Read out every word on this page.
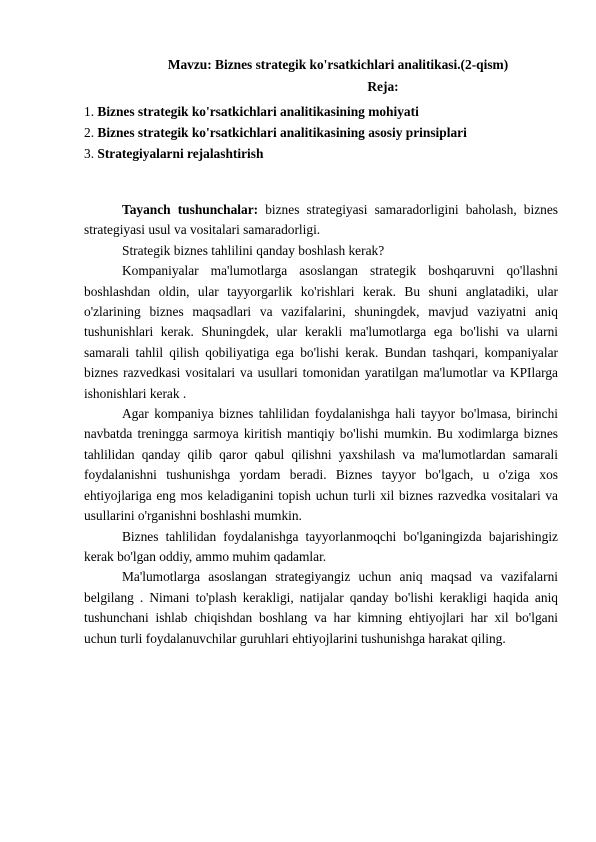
Mavzu: Biznes strategik ko'rsatkichlari analitikasi.(2-qism)
Reja:
1. Biznes strategik ko'rsatkichlari analitikasining mohiyati
2. Biznes strategik ko'rsatkichlari analitikasining asosiy prinsiplari
3. Strategiyalarni rejalashtirish

Tayanch tushunchalar: biznes strategiyasi samaradorligini baholash, biznes strategiyasi usul va vositalari samaradorligi.

Strategik biznes tahlilini qanday boshlash kerak?

Kompaniyalar ma'lumotlarga asoslangan strategik boshqaruvni qo'llashni boshlashdan oldin, ular tayyorgarlik ko'rishlari kerak. Bu shuni anglatadiki, ular o'zlarining biznes maqsadlari va vazifalarini, shuningdek, mavjud vaziyatni aniq tushunishlari kerak. Shuningdek, ular kerakli ma'lumotlarga ega bo'lishi va ularni samarali tahlil qilish qobiliyatiga ega bo'lishi kerak. Bundan tashqari, kompaniyalar biznes razvedkasi vositalari va usullari tomonidan yaratilgan ma'lumotlar va KPIlarga ishonishlari kerak .

Agar kompaniya biznes tahlilidan foydalanishga hali tayyor bo'lmasa, birinchi navbatda treningga sarmoya kiritish mantiqiy bo'lishi mumkin. Bu xodimlarga biznes tahlilidan qanday qilib qaror qabul qilishni yaxshilash va ma'lumotlardan samarali foydalanishni tushunishga yordam beradi. Biznes tayyor bo'lgach, u o'ziga xos ehtiyojlariga eng mos keladiganini topish uchun turli xil biznes razvedka vositalari va usullarini o'rganishni boshlashi mumkin.

Biznes tahlilidan foydalanishga tayyorlanmoqchi bo'lganingizda bajarishingiz kerak bo'lgan oddiy, ammo muhim qadamlar.

Ma'lumotlarga asoslangan strategiyangiz uchun aniq maqsad va vazifalarni belgilang . Nimani to'plash kerakligi, natijalar qanday bo'lishi kerakligi haqida aniq tushunchani ishlab chiqishdan boshlang va har kimning ehtiyojlari har xil bo'lgani uchun turli foydalanuvchilar guruhlari ehtiyojlarini tushunishga harakat qiling.
